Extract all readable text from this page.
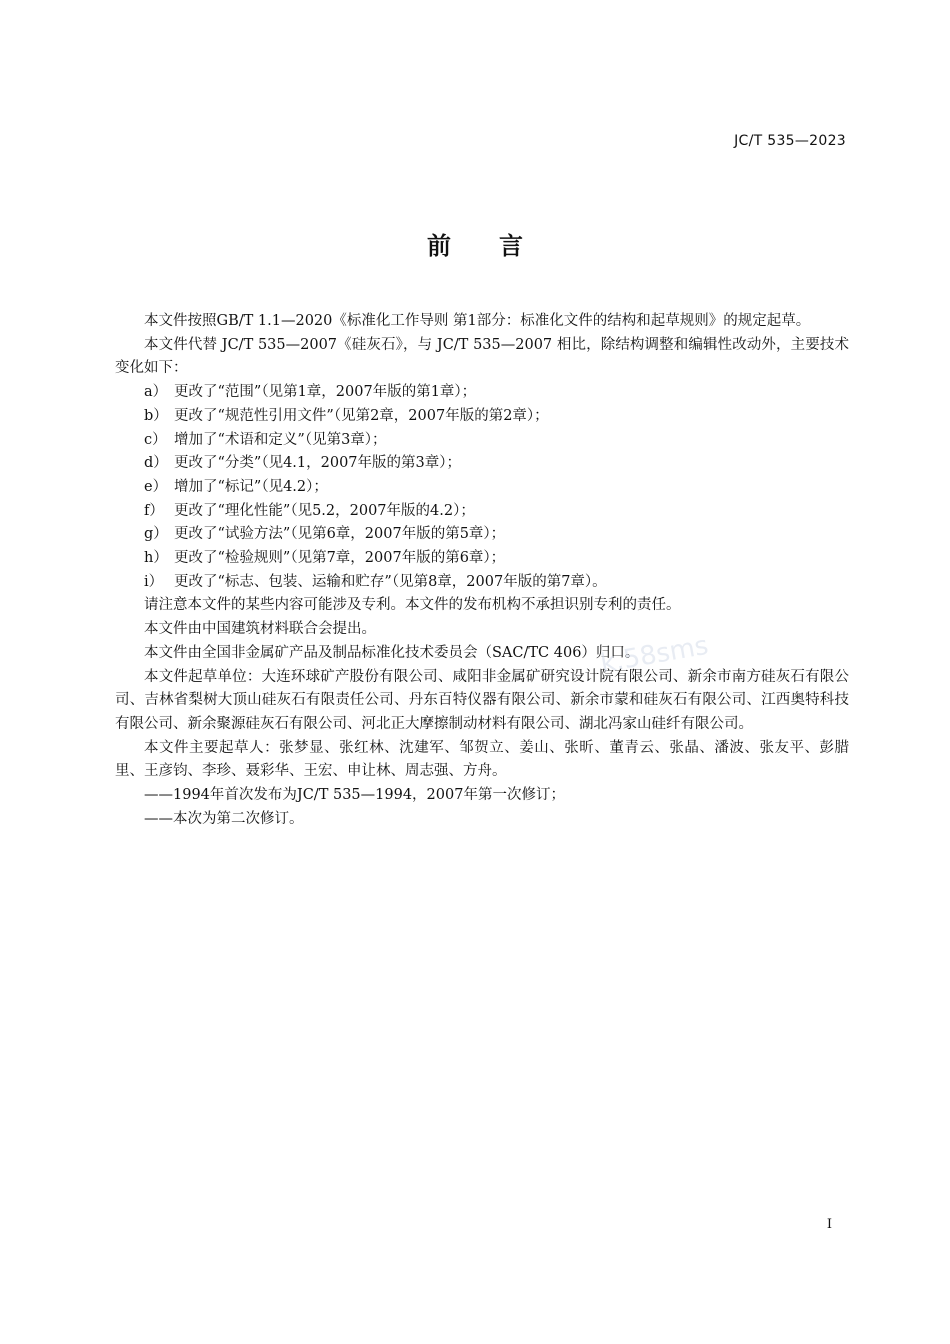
JC/T 535—2023
前言

本文件按照GB/T 1.1—2020《标准化工作导则 第1部分：标准化文件的结构和起草规则》的规定起草。

本文件代替 JC/T 535—2007《硅灰石》，与 JC/T 535—2007 相比，除结构调整和编辑性改动外，主要技术变化如下：

a） 更改了“范围”（见第1章，2007年版的第1章）；
b） 更改了“规范性引用文件”（见第2章，2007年版的第2章）；
c） 增加了“术语和定义”（见第3章）；
d） 更改了“分类”（见4.1，2007年版的第3章）；
e） 增加了“标记”（见4.2）；
f） 更改了“理化性能”（见5.2，2007年版的4.2）；
g） 更改了“试验方法”（见第6章，2007年版的第5章）；
h） 更改了“检验规则”（见第7章，2007年版的第6章）；
i） 更改了“标志、包装、运输和贮存”（见第8章，2007年版的第7章）。

请注意本文件的某些内容可能涉及专利。本文件的发布机构不承担识别专利的责任。

本文件由中国建筑材料联合会提出。

本文件由全国非金属矿产品及制品标准化技术委员会（SAC/TC 406）归口。

本文件起草单位：大连环球矿产股份有限公司、咸阳非金属矿研究设计院有限公司、新余市南方硅灰石有限公司、吉林省梨树大顶山硅灰石有限责任公司、丹东百特仪器有限公司、新余市蒙和硅灰石有限公司、江西奥特科技有限公司、新余聚源硅灰石有限公司、河北正大摩擦制动材料有限公司、湖北冯家山硅纤有限公司。

本文件主要起草人：张梦显、张红林、沈建军、邹贺立、姜山、张昕、董青云、张晶、潘波、张友平、彭腊里、王彦钧、李珍、聂彩华、王宏、申让林、周志强、方舟。

——1994年首次发布为JC/T 535—1994，2007年第一次修订；

——本次为第二次修订。

k.58sms
I
